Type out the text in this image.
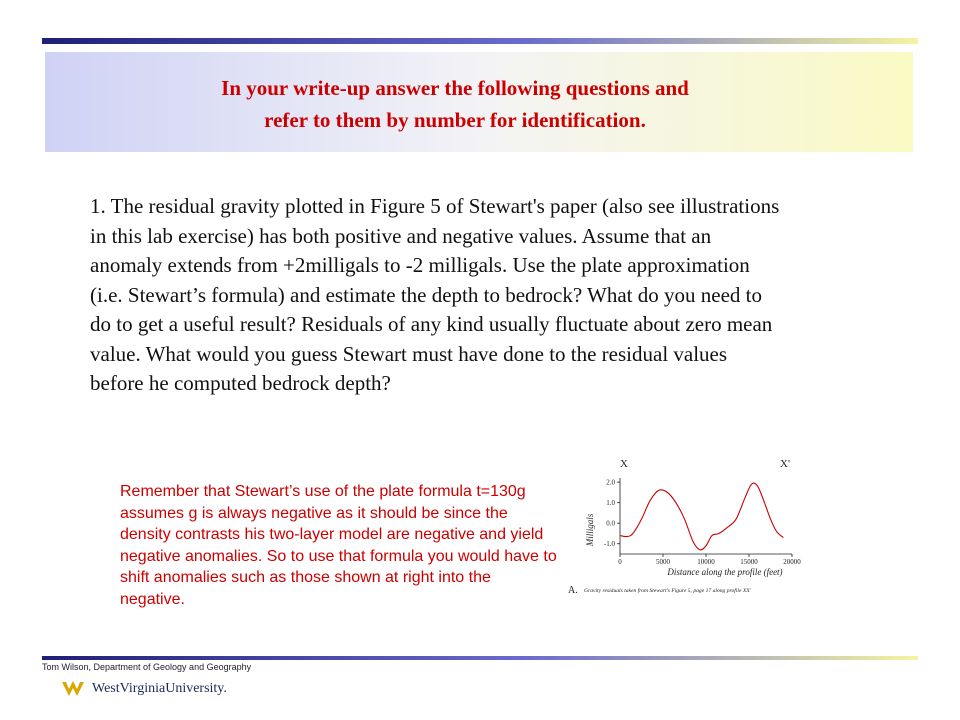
In your write-up answer the following questions and
refer to them by number for identification.
1. The residual gravity plotted in Figure 5 of Stewart's paper (also see illustrations in this lab exercise) has both positive and negative values. Assume that an anomaly extends from +2milligals to -2 milligals. Use the plate approximation (i.e. Stewart’s formula) and estimate the depth to bedrock? What do you need to do to get a useful result? Residuals of any kind usually fluctuate about zero mean value. What would you guess Stewart must have done to the residual values before he computed bedrock depth?
Remember that Stewart’s use of the plate formula t=130g assumes g is always negative as it should be since the density contrasts his two-layer model are negative and yield negative anomalies. So to use that formula you would have to shift anomalies such as those shown at right into the negative.
X	X'
Milligals
Distance along the profile (feet)
A. Gravity residuals taken from Stewart's Figure 5, page 17 along profile XX'
0	5000	10000	15000	20000
2.0
1.0
0.0
-1.0
Tom Wilson, Department of Geology and Geography
WestVirginiaUniversity.
